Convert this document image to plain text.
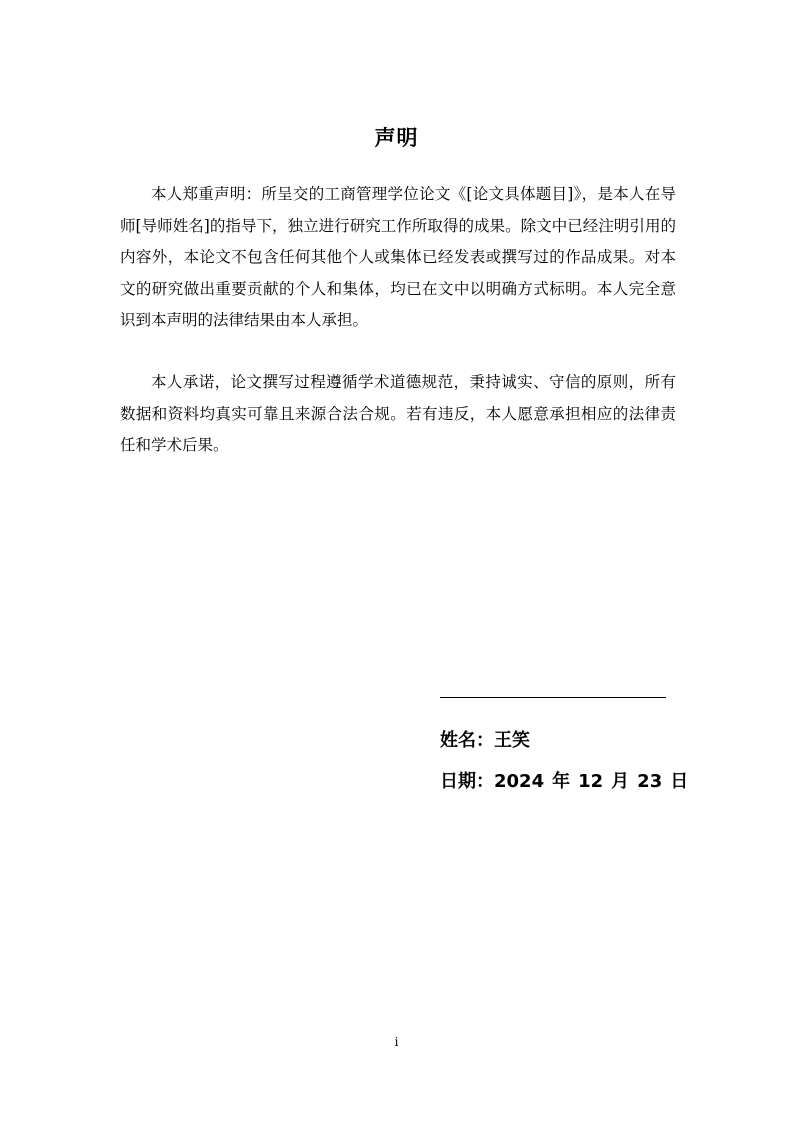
声明

本人郑重声明：所呈交的工商管理学位论文《[论文具体题目]》，是本人在导师[导师姓名]的指导下，独立进行研究工作所取得的成果。除文中已经注明引用的内容外，本论文不包含任何其他个人或集体已经发表或撰写过的作品成果。对本文的研究做出重要贡献的个人和集体，均已在文中以明确方式标明。本人完全意识到本声明的法律结果由本人承担。

本人承诺，论文撰写过程遵循学术道德规范，秉持诚实、守信的原则，所有数据和资料均真实可靠且来源合法合规。若有违反，本人愿意承担相应的法律责任和学术后果。

姓名：王笑
日期：2024 年 12 月 23 日
i
